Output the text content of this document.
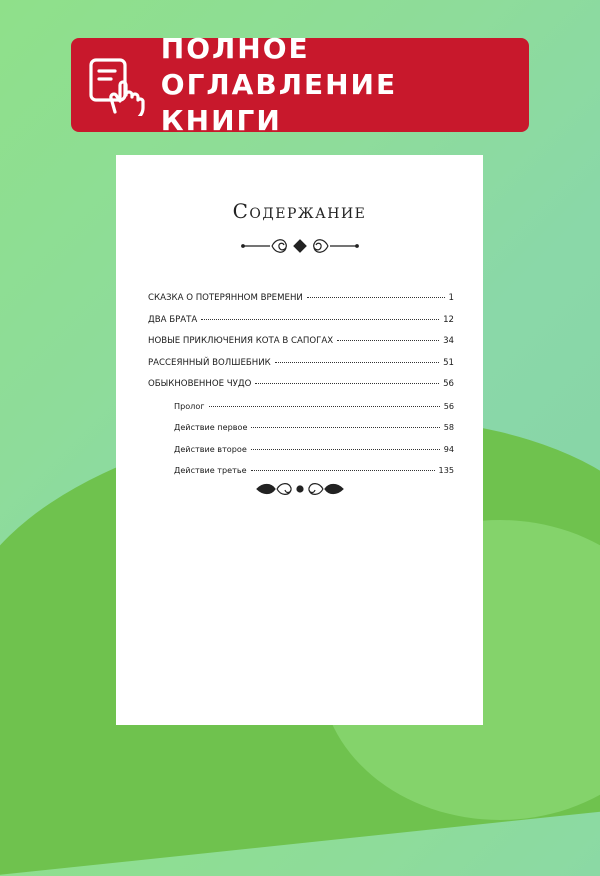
ПОЛНОЕ
ОГЛАВЛЕНИЕ КНИГИ
Содержание
СКАЗКА О ПОТЕРЯННОМ ВРЕМЕНИ	1
ДВА БРАТА	12
НОВЫЕ ПРИКЛЮЧЕНИЯ КОТА В САПОГАХ	34
РАССЕЯННЫЙ ВОЛШЕБНИК	51
ОБЫКНОВЕННОЕ ЧУДО	56
Пролог	56
Действие первое	58
Действие второе	94
Действие третье	135
